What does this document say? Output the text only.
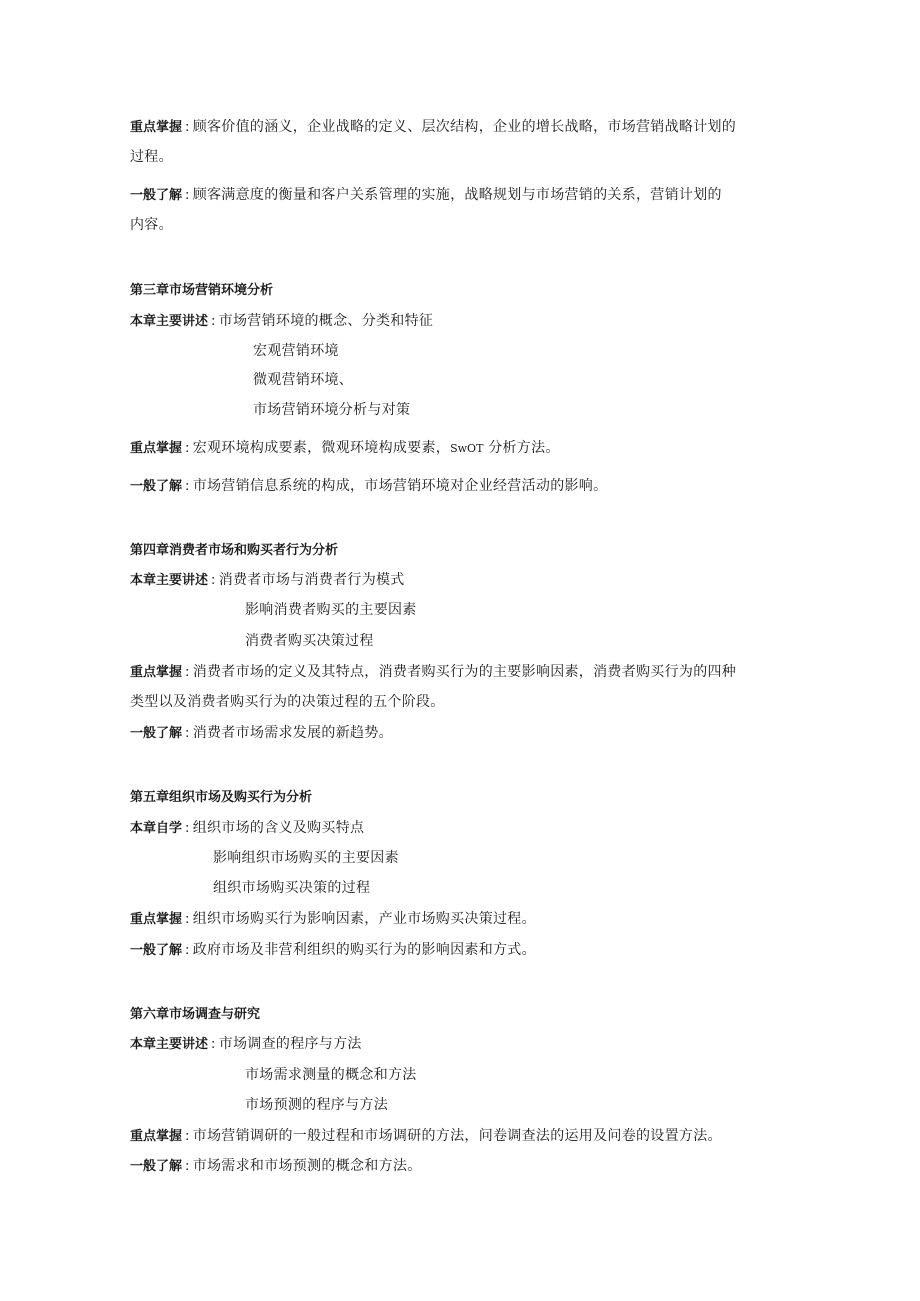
重点掌握 : 顾客价值的涵义，企业战略的定义、层次结构，企业的增长战略，市场营销战略计划的
过程。
一般了解 : 顾客满意度的衡量和客户关系管理的实施，战略规划与市场营销的关系，营销计划的
内容。
第三章市场营销环境分析
本章主要讲述 : 市场营销环境的概念、分类和特征
宏观营销环境
微观营销环境、
市场营销环境分析与对策
重点掌握 : 宏观环境构成要素，微观环境构成要素，SwOT 分析方法。
一般了解 : 市场营销信息系统的构成，市场营销环境对企业经营活动的影响。
第四章消费者市场和购买者行为分析
本章主要讲述 : 消费者市场与消费者行为模式
影响消费者购买的主要因素
消费者购买决策过程
重点掌握 : 消费者市场的定义及其特点，消费者购买行为的主要影响因素，消费者购买行为的四种
类型以及消费者购买行为的决策过程的五个阶段。
一般了解 : 消费者市场需求发展的新趋势。
第五章组织市场及购买行为分析
本章自学 : 组织市场的含义及购买特点
影响组织市场购买的主要因素
组织市场购买决策的过程
重点掌握 : 组织市场购买行为影响因素，产业市场购买决策过程。
一般了解 : 政府市场及非营利组织的购买行为的影响因素和方式。
第六章市场调查与研究
本章主要讲述 : 市场调查的程序与方法
市场需求测量的概念和方法
市场预测的程序与方法
重点掌握 : 市场营销调研的一般过程和市场调研的方法，问卷调查法的运用及问卷的设置方法。
一般了解 : 市场需求和市场预测的概念和方法。
